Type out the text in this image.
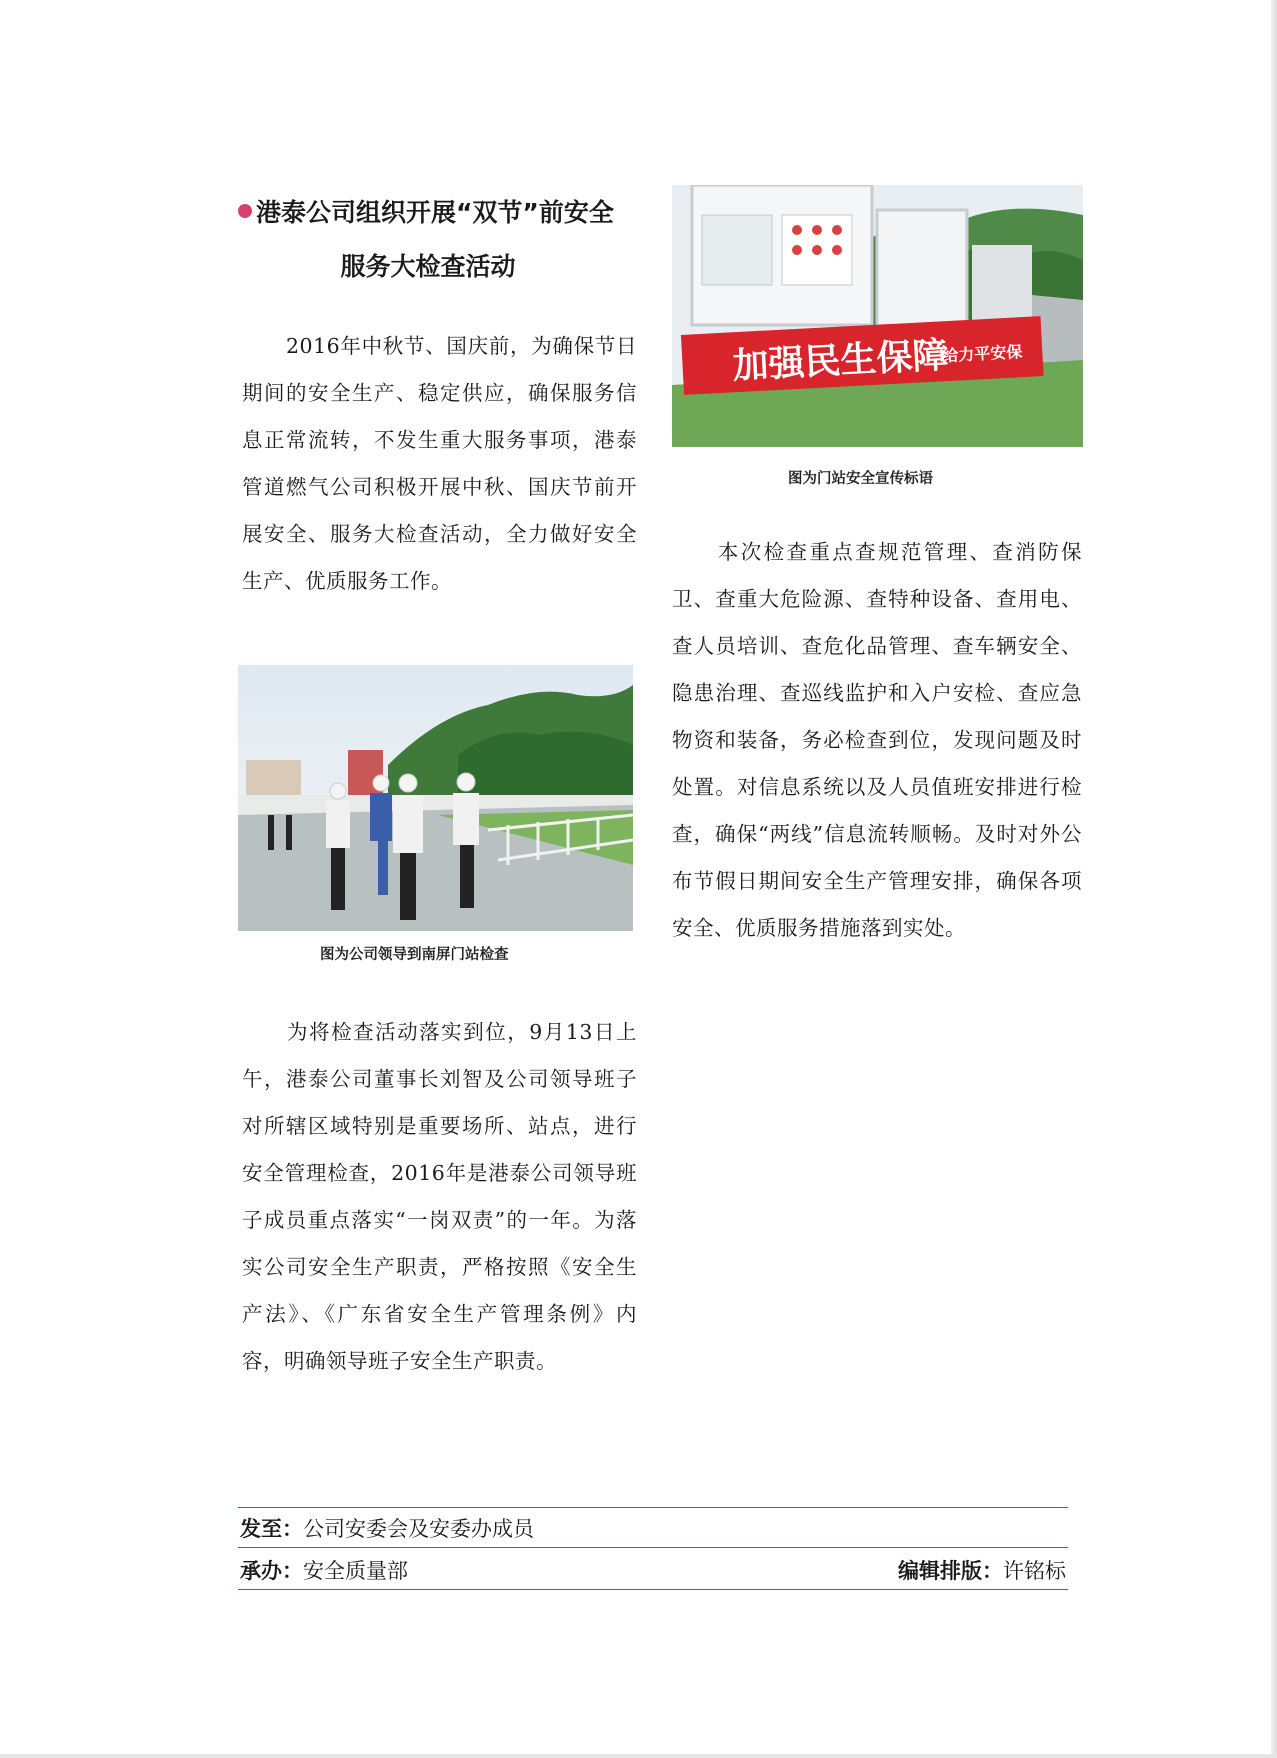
港泰公司组织开展“双节”前安全
服务大检查活动

2016年中秋节、国庆前，为确保节日期间的安全生产、稳定供应，确保服务信息正常流转，不发生重大服务事项，港泰管道燃气公司积极开展中秋、国庆节前开展安全、服务大检查活动，全力做好安全生产、优质服务工作。

图为公司领导到南屏门站检查

为将检查活动落实到位，9月13日上午，港泰公司董事长刘智及公司领导班子对所辖区域特别是重要场所、站点，进行安全管理检查，2016年是港泰公司领导班子成员重点落实“一岗双责”的一年。为落实公司安全生产职责，严格按照《安全生产法》、《广东省安全生产管理条例》内容，明确领导班子安全生产职责。

加强民生保障
给力平安保
图为门站安全宣传标语

本次检查重点查规范管理、查消防保卫、查重大危险源、查特种设备、查用电、查人员培训、查危化品管理、查车辆安全、隐患治理、查巡线监护和入户安检、查应急物资和装备，务必检查到位，发现问题及时处置。对信息系统以及人员值班安排进行检查，确保“两线”信息流转顺畅。及时对外公布节假日期间安全生产管理安排，确保各项安全、优质服务措施落到实处。

发至：公司安委会及安委办成员
承办：安全质量部	编辑排版：许铭标
